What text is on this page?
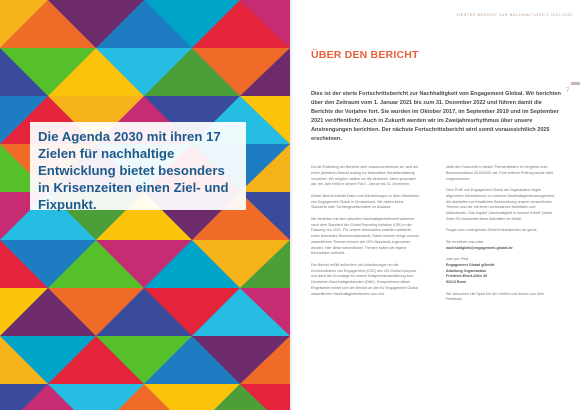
Die Agenda 2030 mit ihren 17 Zielen für nachhaltige Entwicklung bietet besonders in Krisenzeiten einen Ziel- und Fixpunkt.

VIERTER BERICHT ZUR NACHHALTIGKEIT 2021/2022
ÜBER DEN BERICHT
7

Dies ist der vierte Fortschrittsbericht zur Nachhaltigkeit von Engagement Global. Wir berichten über den Zeitraum vom 1. Januar 2021 bis zum 31. Dezember 2022 und führen damit die Berichte der Vorjahre fort. Sie wurden im Oktober 2017, im September 2019 und im September 2021 veröffentlicht. Auch in Zukunft werden wir im Zweijahresrhythmus über unsere Anstrengungen berichten. Der nächste Fortschrittsbericht wird somit voraussichtlich 2025 erscheinen.

Da die Erstellung der Berichte sehr ressourcenintensiv ist, wird auf einen jährlichen Bericht analog zur finanziellen Berichterstattung verzichtet. Wir möglich, stellen wir die einzelnen Jahre gesondert dar, ein Jahr heißt in diesem Fall 1. Januar bis 31. Dezember.

Dieser Bericht enthält Daten und Darstellungen zu allen Standorten von Engagement Global in Deutschland. Wir haben keine Standorte oder Tochtergesellschaften im Ausland.

Wir berichten mit dem aktuellen Nachhaltigkeitsbericht weiterhin nach dem Standard der Global Reporting Initiative (GRI) in der Fassung von 2021. Für unsere Kennzahlen erstellen weiterhin keine relevanten Branchenstandards. Daher können einige unserer wesentlichen Themen keinem der GRI-Standards zugeordnet werden. Hier diese wesentlichen Themen haben wir eigene Kennzahlen definiert.

Der Bericht erfüllt außerdem die Anforderungen an die Kommunikation von Engagement (COE) des UN Global Compact und dient als Grundlage für unsere Entsprechenserklärung zum Deutschen Nachhaltigkeitskodex (DNK). Entsprechend dieser Regelwerke richtet sich der Bericht an den für Engagement Global wesentlichen Nachhaltigkeitsthemen aus und

stellt den Fortschritt in diesen Themenfeldern im Vergleich zum Berichtszeitraum 2019/2020 dar. Eine externe Prüfung wurde nicht vorgenommen.

Dem Profil von Engagement Global als Organisation folgen allgemeine Informationen zu unserem Nachhaltigkeitsmanagement, die überleiten zur inhaltlichen Beschreibung unserer wesentlichen Themen und der mit ihnen verbundenen Aktivitäten und Maßnahmen. Das Kapitel „Nachhaltigkeit in unserer Arbeit" (siehe Seite 25) beschreibt diese Aktivitäten im Detail.

Fragen zum vorliegenden Bericht beantworten wir gerne.

Sie erreichen uns unter

nachhaltigkeit@engagement-global.de

oder per Post:

Engagement Global gGmbH

Abteilung Organisation

Friedrich-Ebert-Allee 40

53113 Bonn

Wir wünschen viel Spaß bei der Lektüre und freuen uns über Feedback.
